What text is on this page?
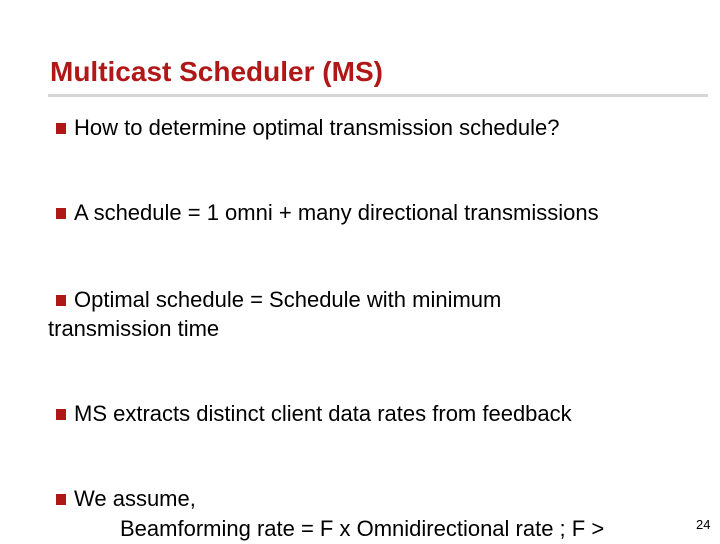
Multicast Scheduler (MS)
How to determine optimal transmission schedule?
A schedule = 1 omni + many directional transmissions
Optimal schedule = Schedule with minimum
transmission time
MS extracts distinct client data rates from feedback
We assume,
Beamforming rate = F x Omnidirectional rate ; F >	24
